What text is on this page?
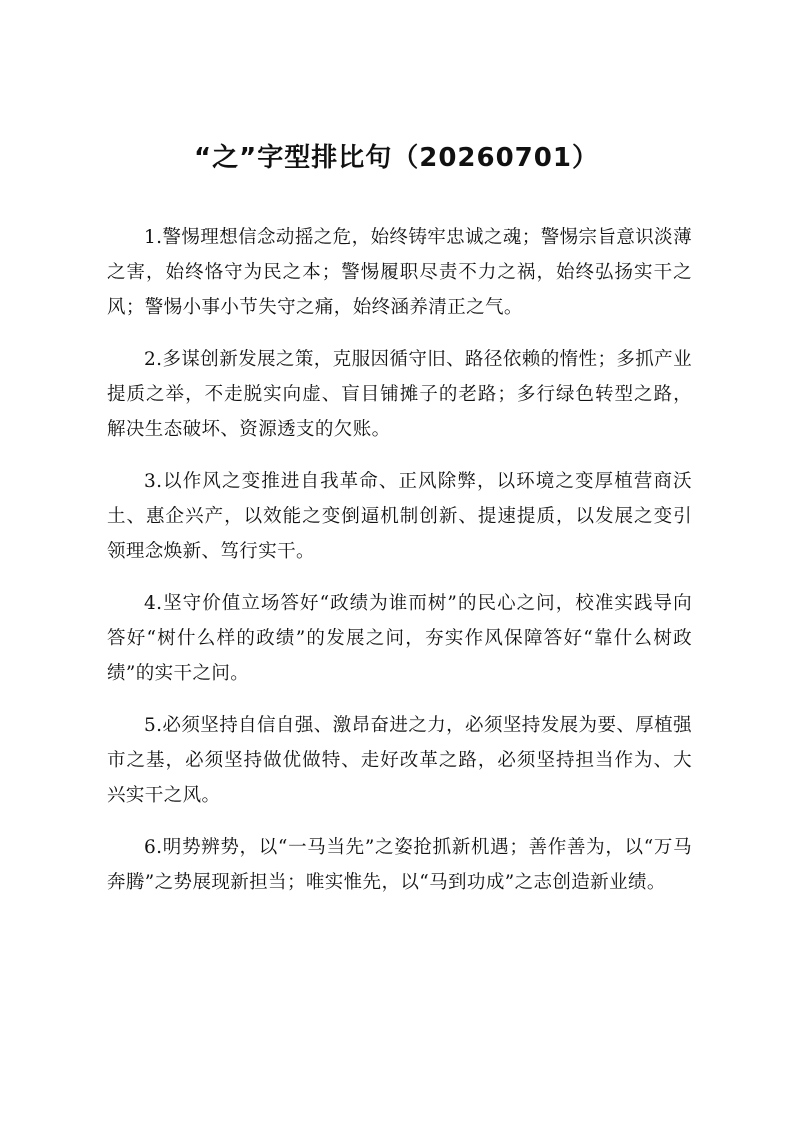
“之”字型排比句（20260701）

1.警惕理想信念动摇之危，始终铸牢忠诚之魂；警惕宗旨意识淡薄之害，始终恪守为民之本；警惕履职尽责不力之祸，始终弘扬实干之风；警惕小事小节失守之痛，始终涵养清正之气。

2.多谋创新发展之策，克服因循守旧、路径依赖的惰性；多抓产业提质之举，不走脱实向虚、盲目铺摊子的老路；多行绿色转型之路，解决生态破坏、资源透支的欠账。

3.以作风之变推进自我革命、正风除弊，以环境之变厚植营商沃土、惠企兴产，以效能之变倒逼机制创新、提速提质，以发展之变引领理念焕新、笃行实干。

4.坚守价值立场答好“政绩为谁而树”的民心之问，校准实践导向答好“树什么样的政绩”的发展之问，夯实作风保障答好“靠什么树政绩”的实干之问。

5.必须坚持自信自强、激昂奋进之力，必须坚持发展为要、厚植强市之基，必须坚持做优做特、走好改革之路，必须坚持担当作为、大兴实干之风。

6.明势辨势，以“一马当先”之姿抢抓新机遇；善作善为，以“万马奔腾”之势展现新担当；唯实惟先，以“马到功成”之志创造新业绩。
